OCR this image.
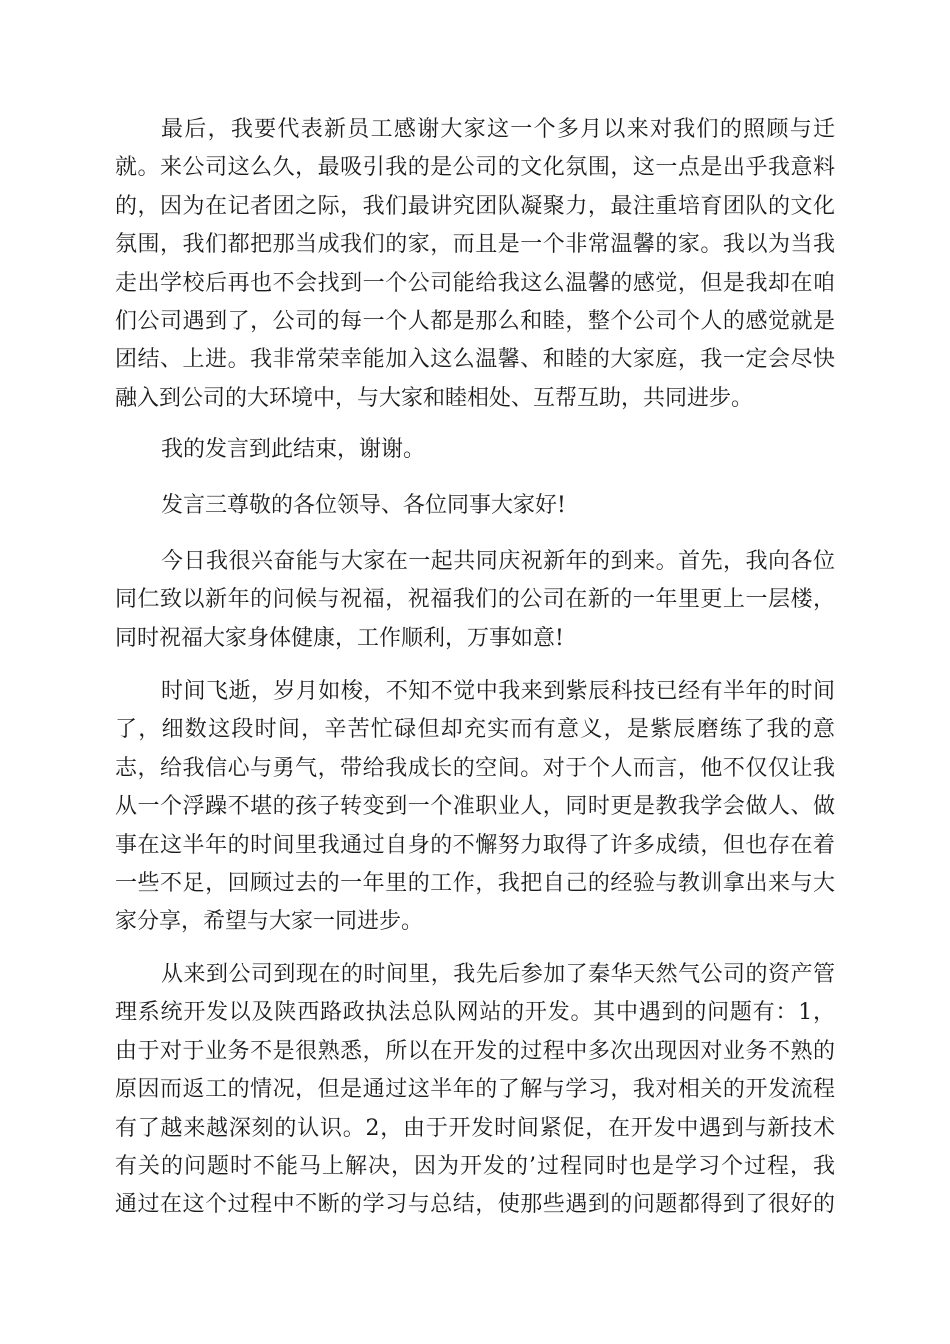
最后，我要代表新员工感谢大家这一个多月以来对我们的照顾与迁
就。来公司这么久，最吸引我的是公司的文化氛围，这一点是出乎我意料
的，因为在记者团之际，我们最讲究团队凝聚力，最注重培育团队的文化
氛围，我们都把那当成我们的家，而且是一个非常温馨的家。我以为当我
走出学校后再也不会找到一个公司能给我这么温馨的感觉，但是我却在咱
们公司遇到了，公司的每一个人都是那么和睦，整个公司个人的感觉就是
团结、上进。我非常荣幸能加入这么温馨、和睦的大家庭，我一定会尽快
融入到公司的大环境中，与大家和睦相处、互帮互助，共同进步。
我的发言到此结束，谢谢。
发言三尊敬的各位领导、各位同事大家好!
今日我很兴奋能与大家在一起共同庆祝新年的到来。首先，我向各位
同仁致以新年的问候与祝福，祝福我们的公司在新的一年里更上一层楼，
同时祝福大家身体健康，工作顺利，万事如意!
时间飞逝，岁月如梭，不知不觉中我来到紫辰科技已经有半年的时间
了，细数这段时间，辛苦忙碌但却充实而有意义，是紫辰磨练了我的意
志，给我信心与勇气，带给我成长的空间。对于个人而言，他不仅仅让我
从一个浮躁不堪的孩子转变到一个准职业人，同时更是教我学会做人、做
事在这半年的时间里我通过自身的不懈努力取得了许多成绩，但也存在着
一些不足，回顾过去的一年里的工作，我把自己的经验与教训拿出来与大
家分享，希望与大家一同进步。
从来到公司到现在的时间里，我先后参加了秦华天然气公司的资产管
理系统开发以及陕西路政执法总队网站的开发。其中遇到的问题有：1，
由于对于业务不是很熟悉，所以在开发的过程中多次出现因对业务不熟的
原因而返工的情况，但是通过这半年的了解与学习，我对相关的开发流程
有了越来越深刻的认识。2，由于开发时间紧促，在开发中遇到与新技术
有关的问题时不能马上解决，因为开发的’过程同时也是学习个过程，我
通过在这个过程中不断的学习与总结，使那些遇到的问题都得到了很好的
